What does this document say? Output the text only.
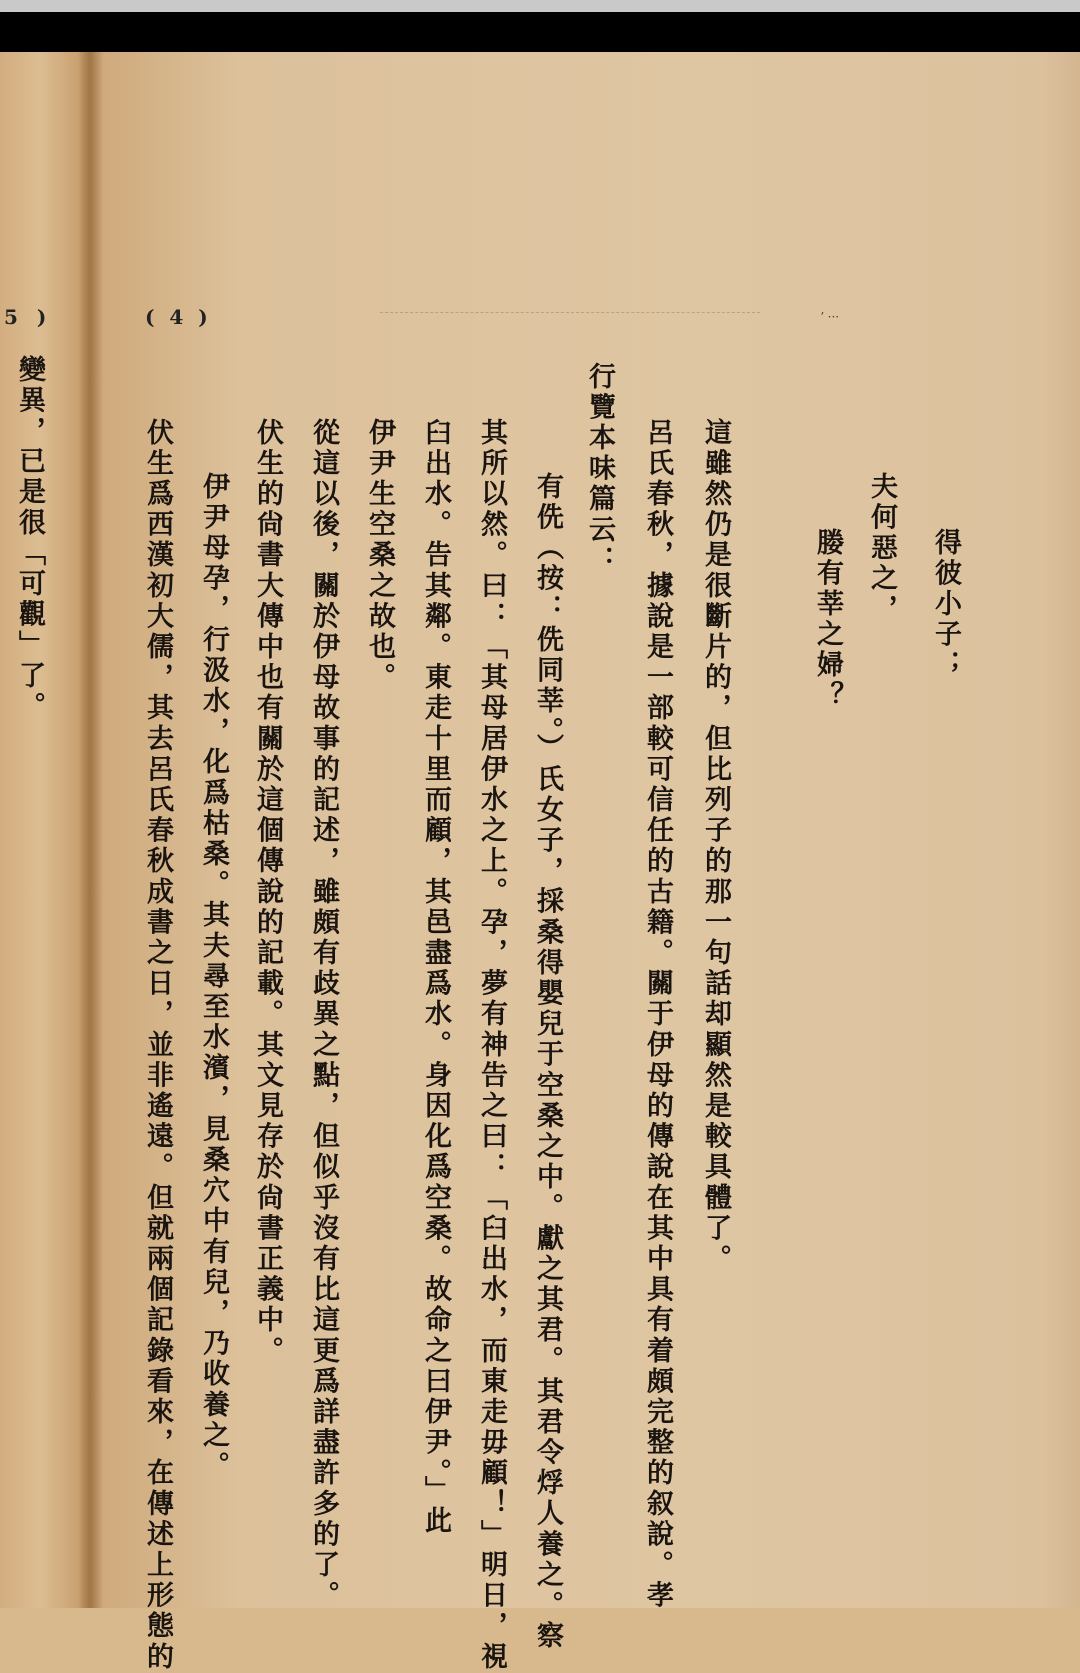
5 )	( 4 )	ʼ ···
變異，已是很「可觀」了。	得彼小子；
夫何惡之，
媵有莘之婦？
這雖然仍是很斷片的，但比列子的那一句話却顯然是較具體了。
呂氏春秋，據說是一部較可信任的古籍。關于伊母的傳說在其中具有着頗完整的叙說。孝
行覽本味篇云：
有侁（按：侁同莘。）氏女子，採桑得嬰兒于空桑之中。獻之其君。其君令烰人養之。察
其所以然。曰：「其母居伊水之上。孕，夢有神告之曰：「臼出水，而東走毋顧！」明日，視
臼出水。告其鄰。東走十里而顧，其邑盡爲水。身因化爲空桑。故命之曰伊尹。」此
伊尹生空桑之故也。
從這以後，關於伊母故事的記述，雖頗有歧異之點，但似乎沒有比這更爲詳盡許多的了。
伏生的尙書大傳中也有關於這個傳說的記載。其文見存於尙書正義中。
伊尹母孕，行汲水，化爲枯桑。其夫尋至水濱，見桑穴中有兒，乃收養之。
伏生爲西漢初大儒，其去呂氏春秋成書之日，並非遙遠。但就兩個記錄看來，在傳述上形態的
